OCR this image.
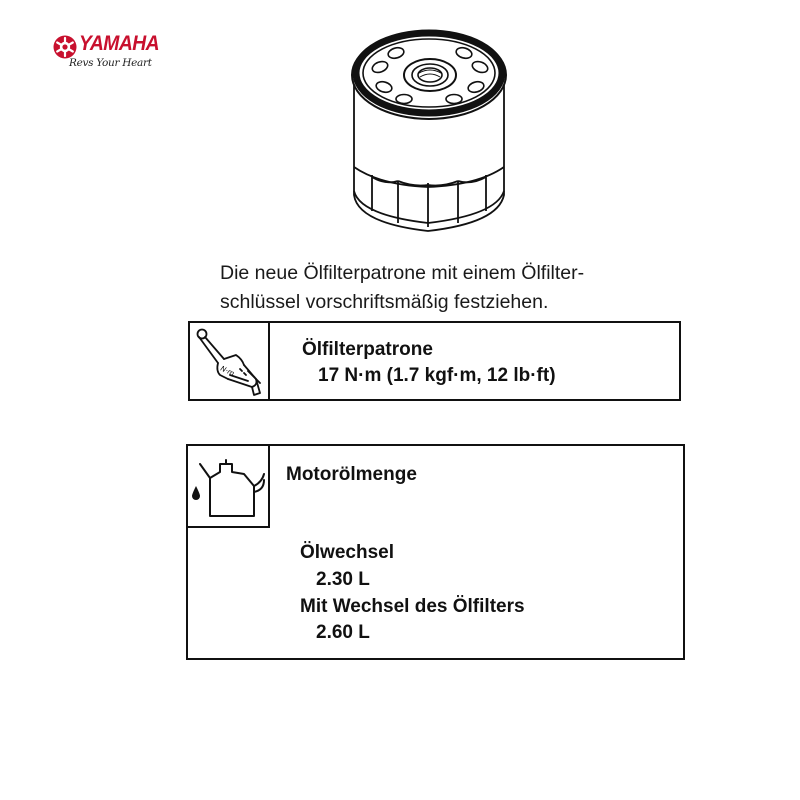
YAMAHA
Revs Your Heart

Die neue Ölfilterpatrone mit einem Ölfilter-
schlüssel vorschriftsmäßig festziehen.

N·m
Ölfilterpatrone
17 N·m (1.7 kgf·m, 12 lb·ft)
Motorölmenge
Ölwechsel
2.30 L
Mit Wechsel des Ölfilters
2.60 L
